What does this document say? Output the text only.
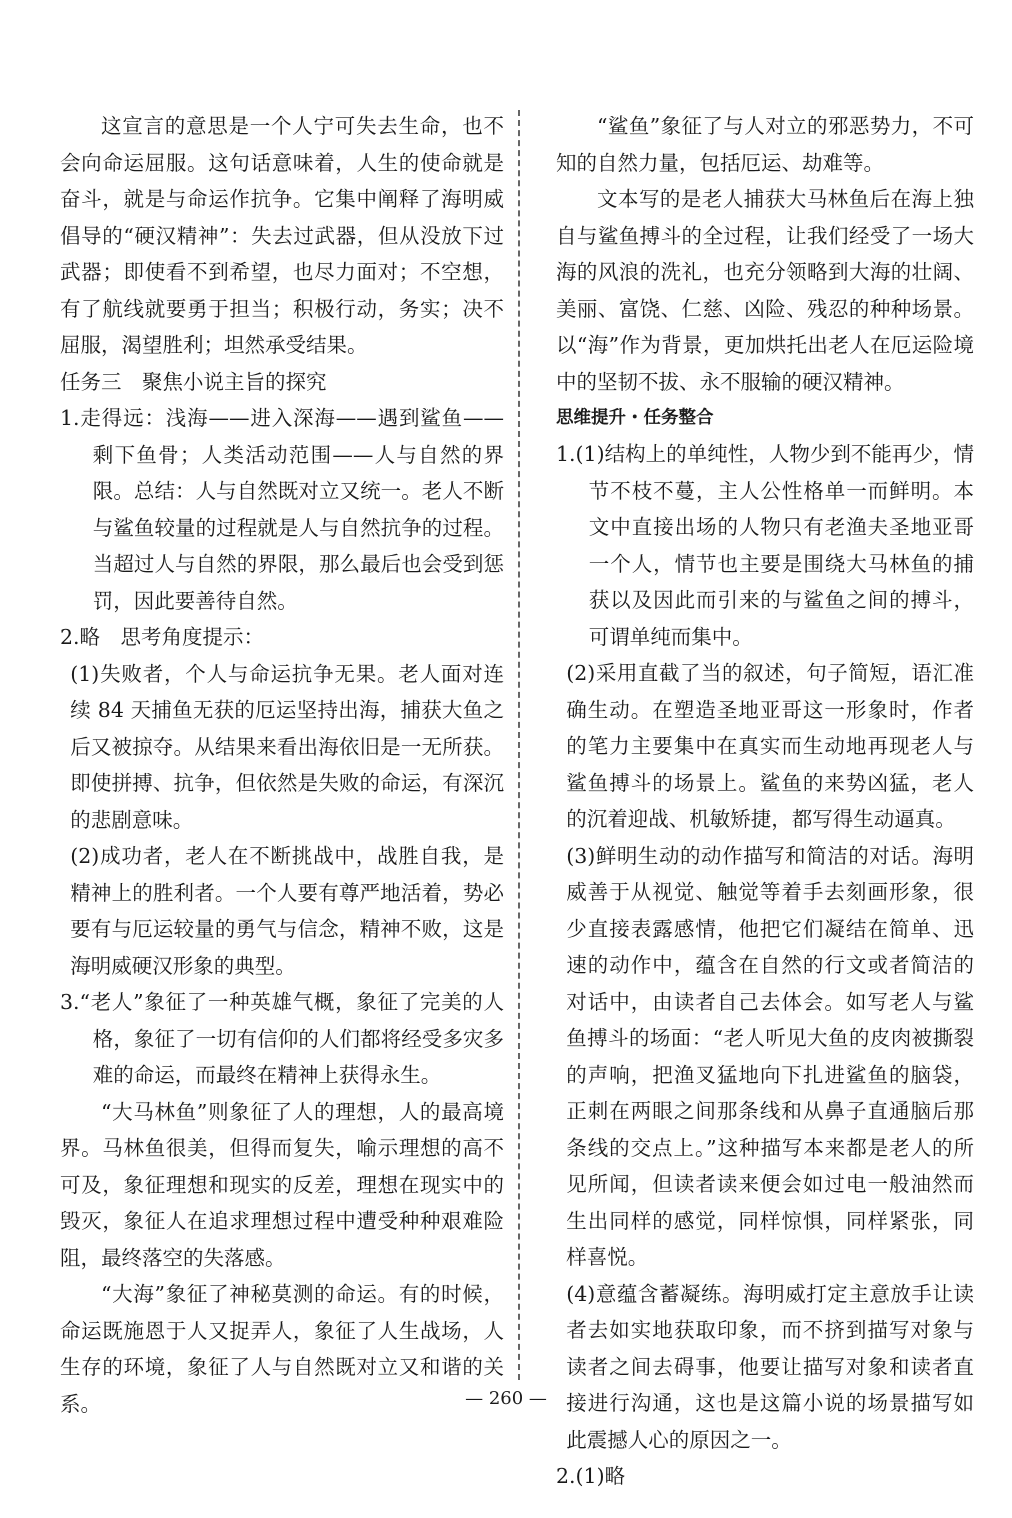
这宣言的意思是一个人宁可失去生命，也不会向命运屈服。这句话意味着，人生的使命就是奋斗，就是与命运作抗争。它集中阐释了海明威倡导的“硬汉精神”：失去过武器，但从没放下过武器；即使看不到希望，也尽力面对；不空想，有了航线就要勇于担当；积极行动，务实；决不屈服，渴望胜利；坦然承受结果。

任务三　聚焦小说主旨的探究

1.走得远：浅海——进入深海——遇到鲨鱼——剩下鱼骨；人类活动范围——人与自然的界限。总结：人与自然既对立又统一。老人不断与鲨鱼较量的过程就是人与自然抗争的过程。当超过人与自然的界限，那么最后也会受到惩罚，因此要善待自然。

2.略　思考角度提示：

(1)失败者，个人与命运抗争无果。老人面对连续 84 天捕鱼无获的厄运坚持出海，捕获大鱼之后又被掠夺。从结果来看出海依旧是一无所获。即使拼搏、抗争，但依然是失败的命运，有深沉的悲剧意味。

(2)成功者，老人在不断挑战中，战胜自我，是精神上的胜利者。一个人要有尊严地活着，势必要有与厄运较量的勇气与信念，精神不败，这是海明威硬汉形象的典型。

3.“老人”象征了一种英雄气概，象征了完美的人格，象征了一切有信仰的人们都将经受多灾多难的命运，而最终在精神上获得永生。

“大马林鱼”则象征了人的理想，人的最高境界。马林鱼很美，但得而复失，喻示理想的高不可及，象征理想和现实的反差，理想在现实中的毁灭，象征人在追求理想过程中遭受种种艰难险阻，最终落空的失落感。

“大海”象征了神秘莫测的命运。有的时候，命运既施恩于人又捉弄人，象征了人生战场，人生存的环境，象征了人与自然既对立又和谐的关系。

“鲨鱼”象征了与人对立的邪恶势力，不可知的自然力量，包括厄运、劫难等。

文本写的是老人捕获大马林鱼后在海上独自与鲨鱼搏斗的全过程，让我们经受了一场大海的风浪的洗礼，也充分领略到大海的壮阔、美丽、富饶、仁慈、凶险、残忍的种种场景。以“海”作为背景，更加烘托出老人在厄运险境中的坚韧不拔、永不服输的硬汉精神。

思维提升・任务整合

1.(1)结构上的单纯性，人物少到不能再少，情节不枝不蔓，主人公性格单一而鲜明。本文中直接出场的人物只有老渔夫圣地亚哥一个人，情节也主要是围绕大马林鱼的捕获以及因此而引来的与鲨鱼之间的搏斗，可谓单纯而集中。

(2)采用直截了当的叙述，句子简短，语汇准确生动。在塑造圣地亚哥这一形象时，作者的笔力主要集中在真实而生动地再现老人与鲨鱼搏斗的场景上。鲨鱼的来势凶猛，老人的沉着迎战、机敏矫捷，都写得生动逼真。

(3)鲜明生动的动作描写和简洁的对话。海明威善于从视觉、触觉等着手去刻画形象，很少直接表露感情，他把它们凝结在简单、迅速的动作中，蕴含在自然的行文或者简洁的对话中，由读者自己去体会。如写老人与鲨鱼搏斗的场面：“老人听见大鱼的皮肉被撕裂的声响，把渔叉猛地向下扎进鲨鱼的脑袋，正刺在两眼之间那条线和从鼻子直通脑后那条线的交点上。”这种描写本来都是老人的所见所闻，但读者读来便会如过电一般油然而生出同样的感觉，同样惊惧，同样紧张，同样喜悦。

(4)意蕴含蓄凝练。海明威打定主意放手让读者去如实地获取印象，而不挤到描写对象与读者之间去碍事，他要让描写对象和读者直接进行沟通，这也是这篇小说的场景描写如此震撼人心的原因之一。

2.(1)略

— 260 —
